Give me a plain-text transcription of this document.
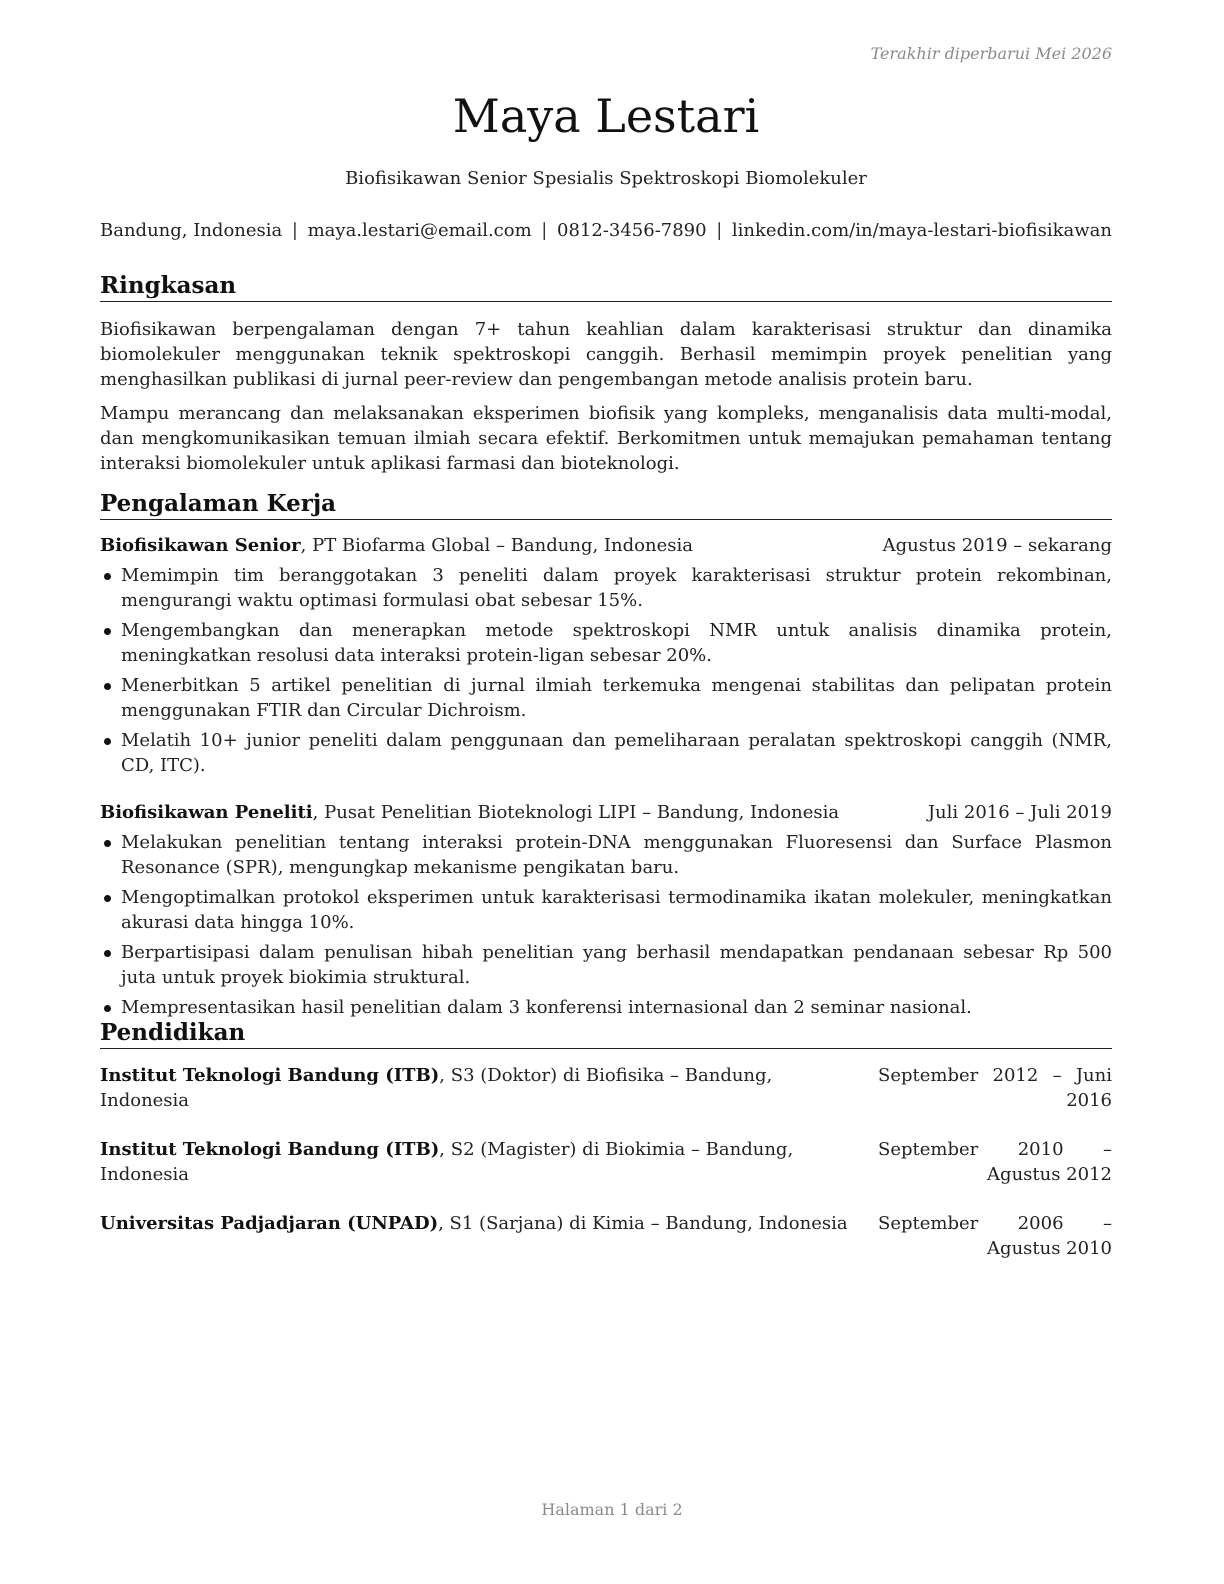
Terakhir diperbarui Mei 2026
Maya Lestari
Biofisikawan Senior Spesialis Spektroskopi Biomolekuler
Bandung, Indonesia | maya.lestari@email.com | 0812-3456-7890 | linkedin.com/in/maya-lestari-biofisikawan
Ringkasan

Biofisikawan berpengalaman dengan 7+ tahun keahlian dalam karakterisasi struktur dan dinamika biomolekuler menggunakan teknik spektroskopi canggih. Berhasil memimpin proyek penelitian yang menghasilkan publikasi di jurnal peer-review dan pengembangan metode analisis protein baru.

Mampu merancang dan melaksanakan eksperimen biofisik yang kompleks, menganalisis data multi-modal, dan mengkomunikasikan temuan ilmiah secara efektif. Berkomitmen untuk memajukan pemahaman tentang interaksi biomolekuler untuk aplikasi farmasi dan bioteknologi.

Pengalaman Kerja
Biofisikawan Senior, PT Biofarma Global – Bandung, Indonesia	Agustus 2019 – sekarang
Memimpin tim beranggotakan 3 peneliti dalam proyek karakterisasi struktur protein rekombinan, mengurangi waktu optimasi formulasi obat sebesar 15%.
Mengembangkan dan menerapkan metode spektroskopi NMR untuk analisis dinamika protein, meningkatkan resolusi data interaksi protein-ligan sebesar 20%.
Menerbitkan 5 artikel penelitian di jurnal ilmiah terkemuka mengenai stabilitas dan pelipatan protein menggunakan FTIR dan Circular Dichroism.
Melatih 10+ junior peneliti dalam penggunaan dan pemeliharaan peralatan spektroskopi canggih (NMR, CD, ITC).
Biofisikawan Peneliti, Pusat Penelitian Bioteknologi LIPI – Bandung, Indonesia	Juli 2016 – Juli 2019
Melakukan penelitian tentang interaksi protein-DNA menggunakan Fluoresensi dan Surface Plasmon Resonance (SPR), mengungkap mekanisme pengikatan baru.
Mengoptimalkan protokol eksperimen untuk karakterisasi termodinamika ikatan molekuler, meningkatkan akurasi data hingga 10%.
Berpartisipasi dalam penulisan hibah penelitian yang berhasil mendapatkan pendanaan sebesar Rp 500 juta untuk proyek biokimia struktural.
Mempresentasikan hasil penelitian dalam 3 konferensi internasional dan 2 seminar nasional.
Pendidikan
Institut Teknologi Bandung (ITB), S3 (Doktor) di Biofisika – Bandung, Indonesia
September 2012 – Juni 2016
Institut Teknologi Bandung (ITB), S2 (Magister) di Biokimia – Bandung, Indonesia
September 2010 – Agustus 2012
Universitas Padjadjaran (UNPAD), S1 (Sarjana) di Kimia – Bandung, Indonesia	September 2006 – Agustus 2010
Halaman 1 dari 2
